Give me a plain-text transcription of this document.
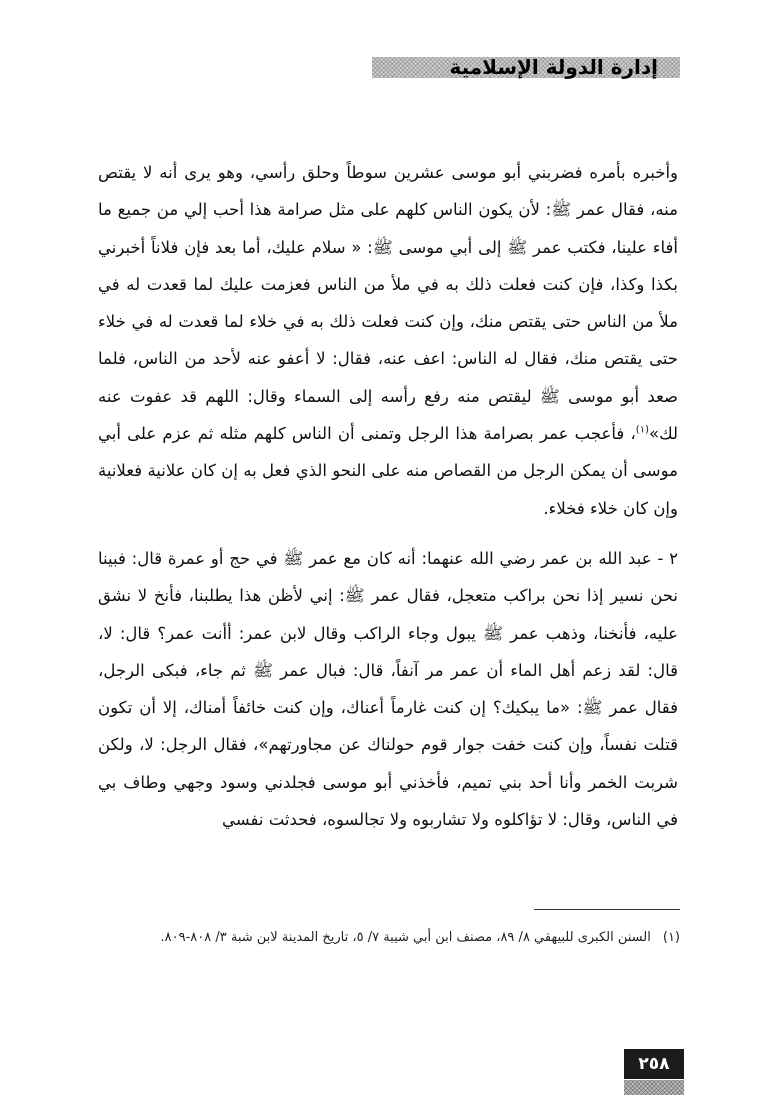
إدارة الدولة الإسلامية

وأخبره بأمره فضربني أبو موسى عشرين سوطاً وحلق رأسي، وهو يرى أنه لا يقتص منه، فقال عمر ﷺ: لأن يكون الناس كلهم على مثل صرامة هذا أحب إلي من جميع ما أفاء علينا، فكتب عمر ﷺ إلى أبي موسى ﷺ: « سلام عليك، أما بعد فإن فلاناً أخبرني بكذا وكذا، فإن كنت فعلت ذلك به في ملأ من الناس فعزمت عليك لما قعدت له في ملأ من الناس حتى يقتص منك، وإن كنت فعلت ذلك به في خلاء لما قعدت له في خلاء حتى يقتص منك، فقال له الناس: اعف عنه، فقال: لا أعفو عنه لأحد من الناس، فلما صعد أبو موسى ﷺ ليقتص منه رفع رأسه إلى السماء وقال: اللهم قد عفوت عنه لك»$^{(١)}$، فأعجب عمر بصرامة هذا الرجل وتمنى أن الناس كلهم مثله ثم عزم على أبي موسى أن يمكن الرجل من القصاص منه على النحو الذي فعل به إن كان علانية فعلانية وإن كان خلاء فخلاء.

٢ - عبد الله بن عمر رضي الله عنهما: أنه كان مع عمر ﷺ في حج أو عمرة قال: فبينا نحن نسير إذا نحن براكب متعجل، فقال عمر ﷺ: إني لأظن هذا يطلبنا، فأنخ لا نشق عليه، فأنخنا، وذهب عمر ﷺ يبول وجاء الراكب وقال لابن عمر: أأنت عمر؟ قال: لا، قال: لقد زعم أهل الماء أن عمر مر آنفاً، قال: فبال عمر ﷺ ثم جاء، فبكى الرجل، فقال عمر ﷺ: «ما يبكيك؟ إن كنت غارماً أعناك، وإن كنت خائفاً أمناك، إلا أن تكون قتلت نفساً، وإن كنت خفت جوار قوم حولناك عن مجاورتهم»، فقال الرجل: لا، ولكن شربت الخمر وأنا أحد بني تميم، فأخذني أبو موسى فجلدني وسود وجهي وطاف بي في الناس، وقال: لا تؤاكلوه ولا تشاربوه ولا تجالسوه، فحدثت نفسي

(١)السنن الكبرى للبيهقي ٨/ ٨٩، مصنف ابن أبي شيبة ٧/ ٥، تاريخ المدينة لابن شبة ٣/ ٨٠٨-٨٠٩.

٢٥٨
